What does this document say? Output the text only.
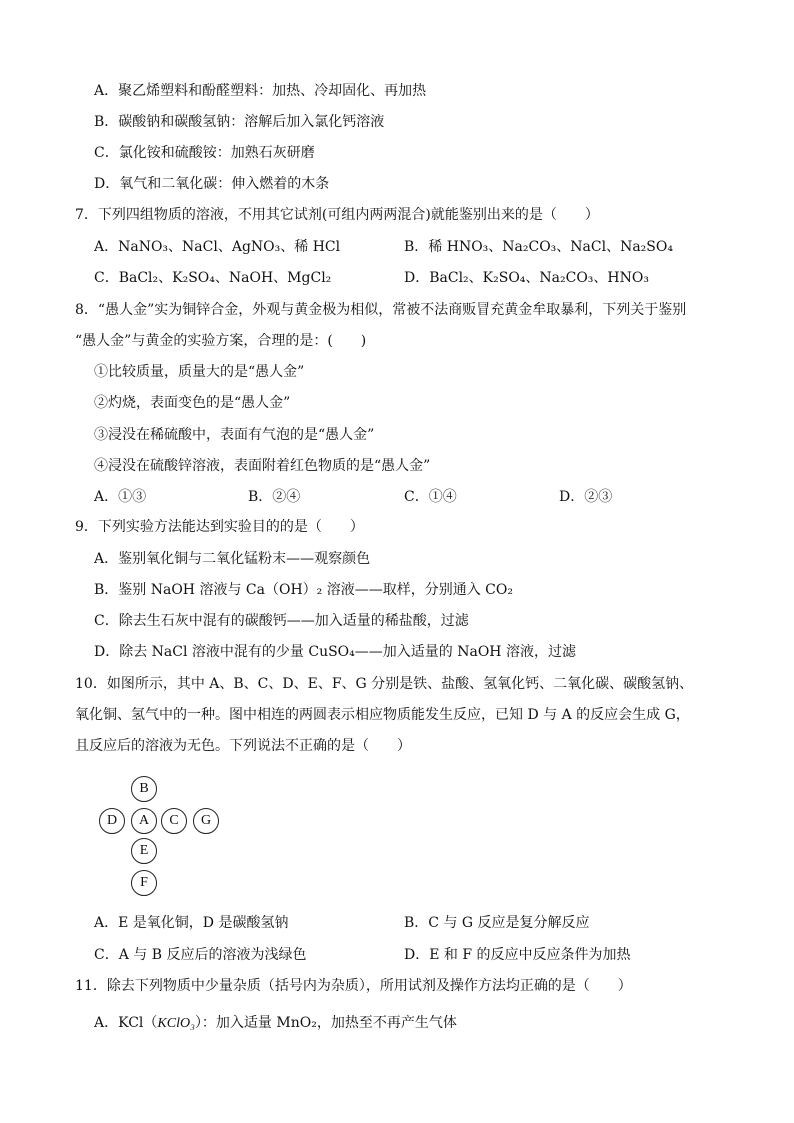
A．聚乙烯塑料和酚醛塑料：加热、冷却固化、再加热
B．碳酸钠和碳酸氢钠：溶解后加入氯化钙溶液
C．氯化铵和硫酸铵：加熟石灰研磨
D．氧气和二氧化碳：伸入燃着的木条
7．下列四组物质的溶液，不用其它试剂(可组内两两混合)就能鉴别出来的是（　　）
A．NaNO₃、NaCl、AgNO₃、稀 HCl	B．稀 HNO₃、Na₂CO₃、NaCl、Na₂SO₄
C．BaCl₂、K₂SO₄、NaOH、MgCl₂	D．BaCl₂、K₂SO₄、Na₂CO₃、HNO₃
8．“愚人金”实为铜锌合金，外观与黄金极为相似，常被不法商贩冒充黄金牟取暴利，下列关于鉴别
“愚人金”与黄金的实验方案，合理的是：(　　)
①比较质量，质量大的是“愚人金”
②灼烧，表面变色的是“愚人金”
③浸没在稀硫酸中，表面有气泡的是“愚人金”
④浸没在硫酸锌溶液，表面附着红色物质的是“愚人金”
A．①③	B．②④	C．①④	D．②③
9．下列实验方法能达到实验目的的是（　　）
A．鉴别氧化铜与二氧化锰粉末——观察颜色
B．鉴别 NaOH 溶液与 Ca（OH）₂ 溶液——取样，分别通入 CO₂
C．除去生石灰中混有的碳酸钙——加入适量的稀盐酸，过滤
D．除去 NaCl 溶液中混有的少量 CuSO₄——加入适量的 NaOH 溶液，过滤
10．如图所示，其中 A、B、C、D、E、F、G 分别是铁、盐酸、氢氧化钙、二氧化碳、碳酸氢钠、
氧化铜、氢气中的一种。图中相连的两圆表示相应物质能发生反应，已知 D 与 A 的反应会生成 G，
且反应后的溶液为无色。下列说法不正确的是（　　）
B
D	A	C	G
E
F
A．E 是氧化铜，D 是碳酸氢钠	B．C 与 G 反应是复分解反应
C．A 与 B 反应后的溶液为浅绿色	D．E 和 F 的反应中反应条件为加热
11．除去下列物质中少量杂质（括号内为杂质），所用试剂及操作方法均正确的是（　　）
A．KCl（KClO₃）：加入适量 MnO₂，加热至不再产生气体
